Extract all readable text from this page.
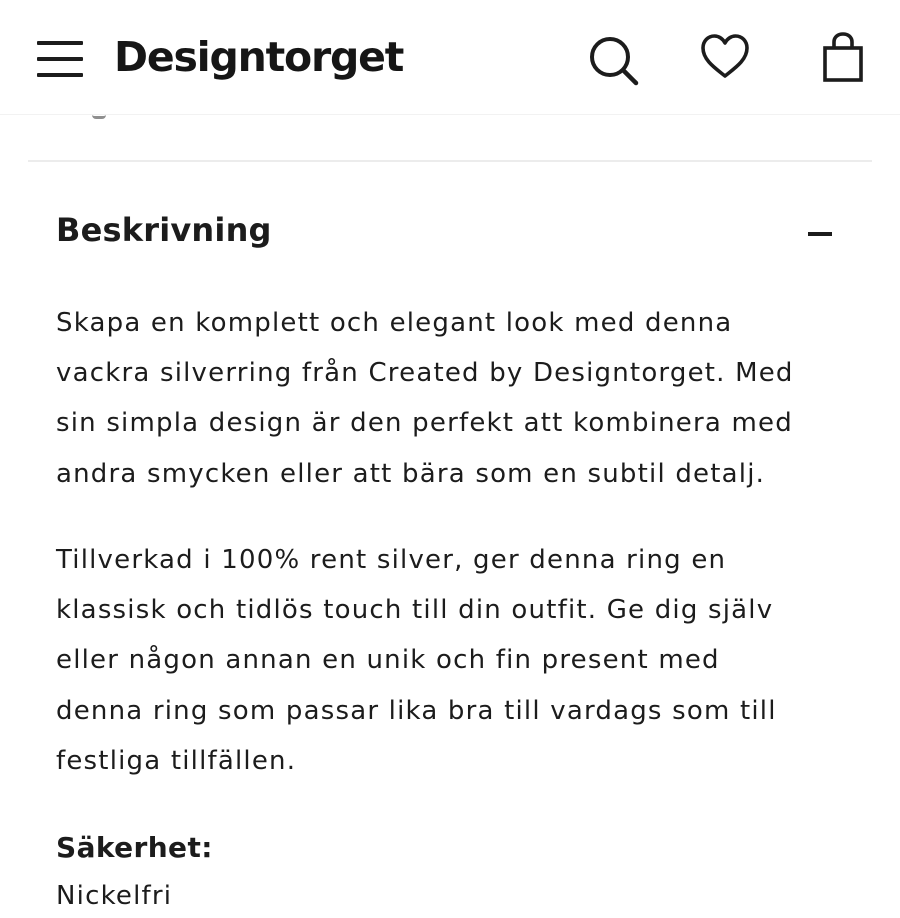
Designtorget
Beskrivning
Skapa en komplett och elegant look med denna
vackra silverring från Created by Designtorget. Med
sin simpla design är den perfekt att kombinera med
andra smycken eller att bära som en subtil detalj.
Tillverkad i 100% rent silver, ger denna ring en
klassisk och tidlös touch till din outfit. Ge dig själv
eller någon annan en unik och fin present med
denna ring som passar lika bra till vardags som till
festliga tillfällen.
Säkerhet:
Nickelfri
